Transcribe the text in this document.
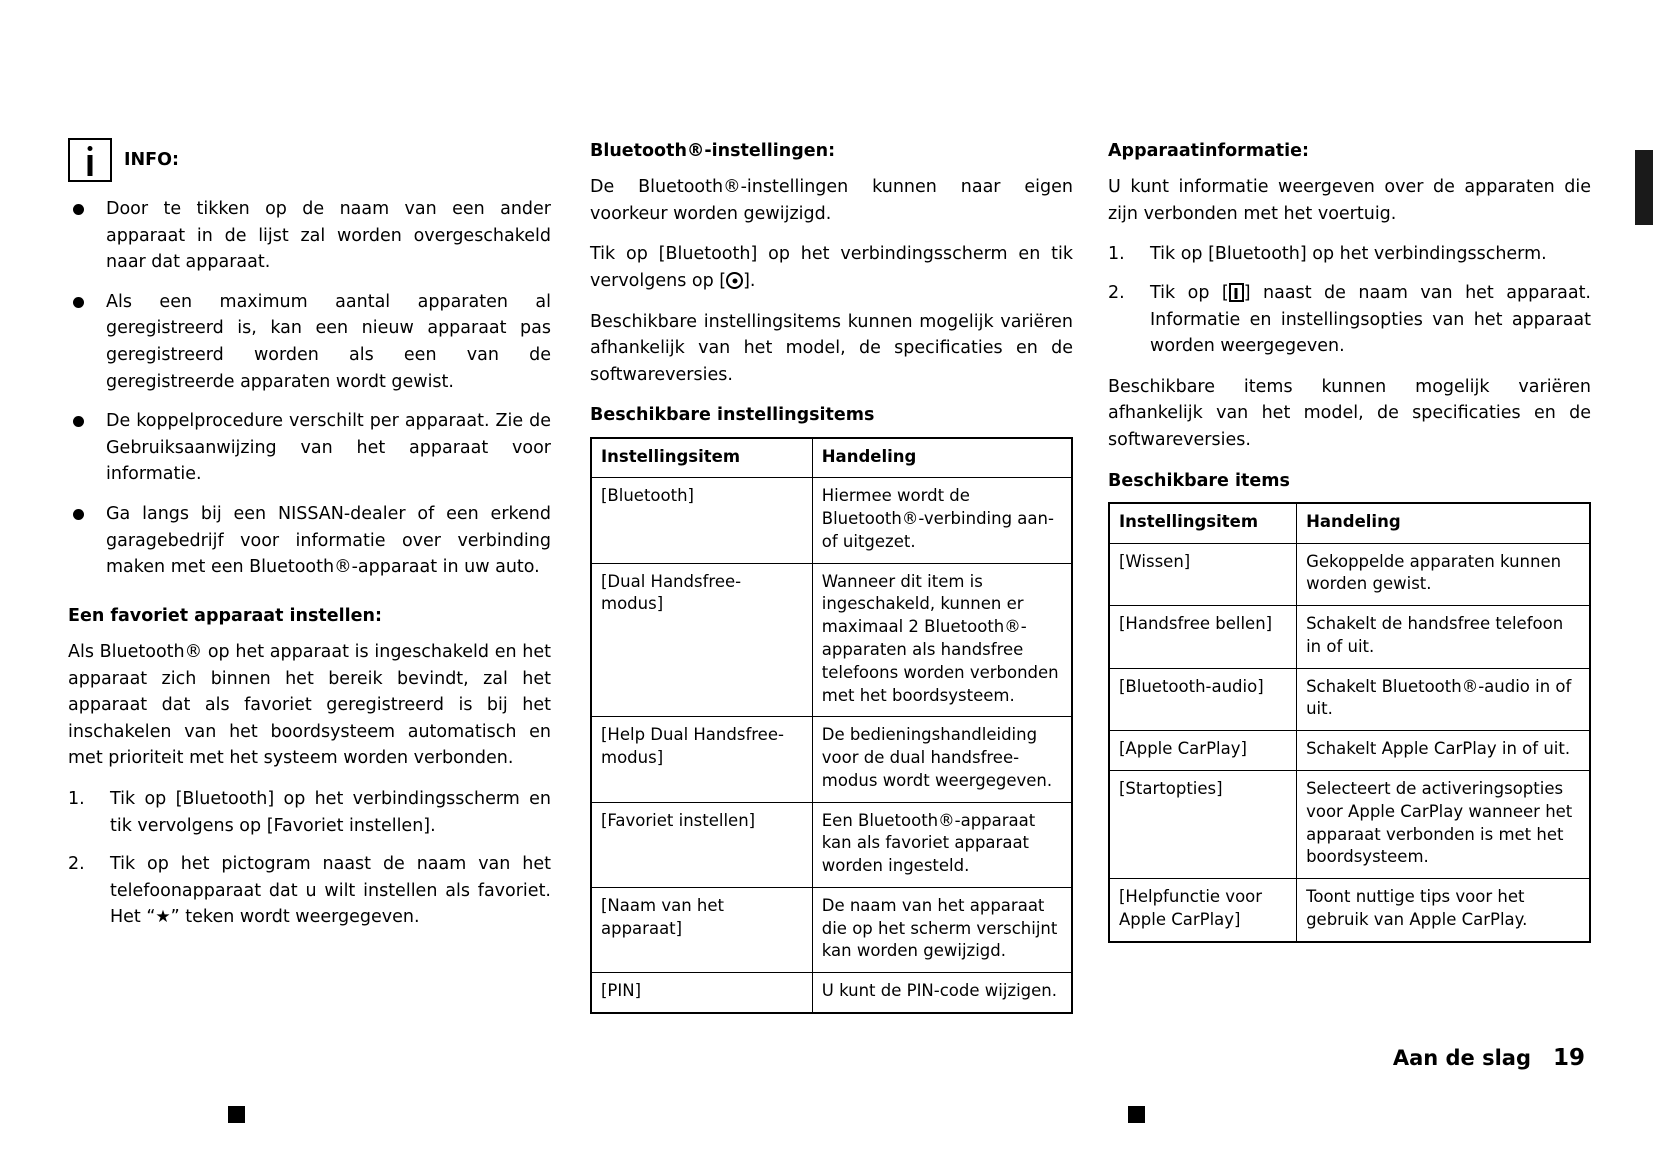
INFO:
Door te tikken op de naam van een ander apparaat in de lijst zal worden overgeschakeld naar dat apparaat.
Als een maximum aantal apparaten al geregistreerd is, kan een nieuw apparaat pas geregistreerd worden als een van de geregistreerde apparaten wordt gewist.
De koppelprocedure verschilt per apparaat. Zie de Gebruiksaanwijzing van het apparaat voor informatie.
Ga langs bij een NISSAN-dealer of een erkend garagebedrijf voor informatie over verbinding maken met een Bluetooth®-apparaat in uw auto.
Een favoriet apparaat instellen:

Als Bluetooth® op het apparaat is ingeschakeld en het apparaat zich binnen het bereik bevindt, zal het apparaat dat als favoriet geregistreerd is bij het inschakelen van het boordsysteem automatisch en met prioriteit met het systeem worden verbonden.

Tik op [Bluetooth] op het verbindingsscherm en tik vervolgens op [Favoriet instellen].
Tik op het pictogram naast de naam van het telefoonapparaat dat u wilt instellen als favoriet. Het “★” teken wordt weergegeven.
Bluetooth®-instellingen:

De Bluetooth®-instellingen kunnen naar eigen voorkeur worden gewijzigd.

Tik op [Bluetooth] op het verbindingsscherm en tik vervolgens op [ ].

Beschikbare instellingsitems kunnen mogelijk variëren afhankelijk van het model, de specificaties en de softwareversies.

Beschikbare instellingsitems
Instellingsitem	Handeling
[Bluetooth]	Hiermee wordt de Bluetooth®-verbinding aan- of uitgezet.
[Dual Handsfree-modus]	Wanneer dit item is ingeschakeld, kunnen er maximaal 2 Bluetooth®-apparaten als handsfree telefoons worden verbonden met het boordsysteem.
[Help Dual Handsfree-modus]	De bedieningshandleiding voor de dual handsfree-modus wordt weergegeven.
[Favoriet instellen]	Een Bluetooth®-apparaat kan als favoriet apparaat worden ingesteld.
[Naam van het apparaat]	De naam van het apparaat die op het scherm verschijnt kan worden gewijzigd.
[PIN]	U kunt de PIN-code wijzigen.
Apparaatinformatie:

U kunt informatie weergeven over de apparaten die zijn verbonden met het voertuig.

Tik op [Bluetooth] op het verbindingsscherm.
Tik op [ ] naast de naam van het apparaat. Informatie en instellingsopties van het apparaat worden weergegeven.

Beschikbare items kunnen mogelijk variëren afhankelijk van het model, de specificaties en de softwareversies.

Beschikbare items
Instellingsitem	Handeling
[Wissen]	Gekoppelde apparaten kunnen worden gewist.
[Handsfree bellen]	Schakelt de handsfree telefoon in of uit.
[Bluetooth-audio]	Schakelt Bluetooth®-audio in of uit.
[Apple CarPlay]	Schakelt Apple CarPlay in of uit.
[Startopties]	Selecteert de activeringsopties voor Apple CarPlay wanneer het apparaat verbonden is met het boordsysteem.
[Helpfunctie voor Apple CarPlay]	Toont nuttige tips voor het gebruik van Apple CarPlay.
Aan de slag 19
